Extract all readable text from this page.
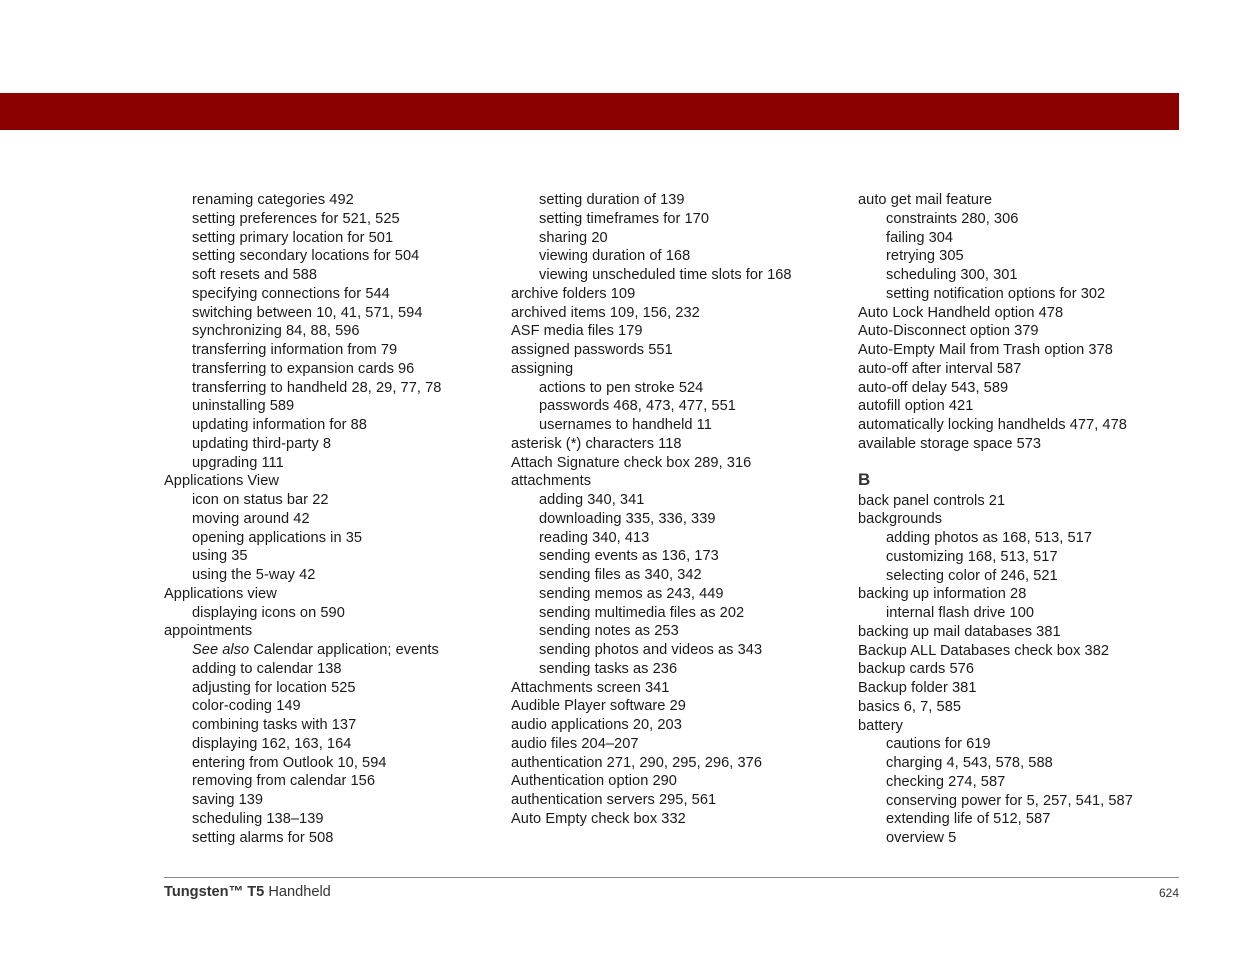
renaming categories 492
setting preferences for 521, 525
setting primary location for 501
setting secondary locations for 504
soft resets and 588
specifying connections for 544
switching between 10, 41, 571, 594
synchronizing 84, 88, 596
transferring information from 79
transferring to expansion cards 96
transferring to handheld 28, 29, 77, 78
uninstalling 589
updating information for 88
updating third-party 8
upgrading 111
Applications View
icon on status bar 22
moving around 42
opening applications in 35
using 35
using the 5-way 42
Applications view
displaying icons on 590
appointments
See also Calendar application; events
adding to calendar 138
adjusting for location 525
color-coding 149
combining tasks with 137
displaying 162, 163, 164
entering from Outlook 10, 594
removing from calendar 156
saving 139
scheduling 138–139
setting alarms for 508
setting duration of 139
setting timeframes for 170
sharing 20
viewing duration of 168
viewing unscheduled time slots for 168
archive folders 109
archived items 109, 156, 232
ASF media files 179
assigned passwords 551
assigning
actions to pen stroke 524
passwords 468, 473, 477, 551
usernames to handheld 11
asterisk (*) characters 118
Attach Signature check box 289, 316
attachments
adding 340, 341
downloading 335, 336, 339
reading 340, 413
sending events as 136, 173
sending files as 340, 342
sending memos as 243, 449
sending multimedia files as 202
sending notes as 253
sending photos and videos as 343
sending tasks as 236
Attachments screen 341
Audible Player software 29
audio applications 20, 203
audio files 204–207
authentication 271, 290, 295, 296, 376
Authentication option 290
authentication servers 295, 561
Auto Empty check box 332
auto get mail feature
constraints 280, 306
failing 304
retrying 305
scheduling 300, 301
setting notification options for 302
Auto Lock Handheld option 478
Auto-Disconnect option 379
Auto-Empty Mail from Trash option 378
auto-off after interval 587
auto-off delay 543, 589
autofill option 421
automatically locking handhelds 477, 478
available storage space 573
B
back panel controls 21
backgrounds
adding photos as 168, 513, 517
customizing 168, 513, 517
selecting color of 246, 521
backing up information 28
internal flash drive 100
backing up mail databases 381
Backup ALL Databases check box 382
backup cards 576
Backup folder 381
basics 6, 7, 585
battery
cautions for 619
charging 4, 543, 578, 588
checking 274, 587
conserving power for 5, 257, 541, 587
extending life of 512, 587
overview 5
Tungsten™ T5 Handheld	624
